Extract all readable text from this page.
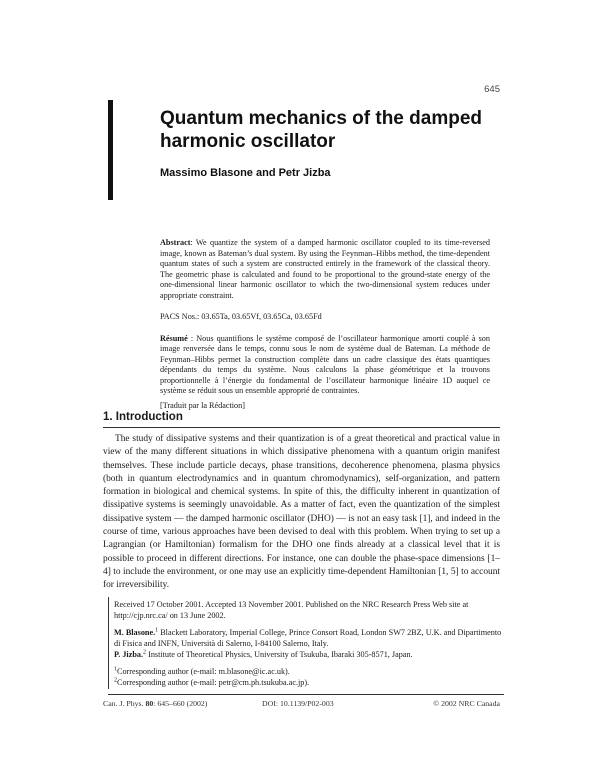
645
Quantum mechanics of the damped
harmonic oscillator
Massimo Blasone and Petr Jizba

Abstract: We quantize the system of a damped harmonic oscillator coupled to its time-reversed image, known as Bateman’s dual system. By using the Feynman–Hibbs method, the time-dependent quantum states of such a system are constructed entirely in the framework of the classical theory. The geometric phase is calculated and found to be proportional to the ground-state energy of the one-dimensional linear harmonic oscillator to which the two-dimensional system reduces under appropriate constraint.

PACS Nos.: 03.65Ta, 03.65Vf, 03.65Ca, 03.65Fd

Résumé : Nous quantifions le système composé de l’oscillateur harmonique amorti couplé à son image renversée dans le temps, connu sous le nom de système dual de Bateman. La méthode de Feynman–Hibbs permet la construction complète dans un cadre classique des états quantiques dépendants du temps du système. Nous calculons la phase géométrique et la trouvons proportionnelle à l’énergie du fondamental de l’oscillateur harmonique linéaire 1D auquel ce système se réduit sous un ensemble approprié de contraintes.

[Traduit par la Rédaction]

1. Introduction

The study of dissipative systems and their quantization is of a great theoretical and practical value in view of the many different situations in which dissipative phenomena with a quantum origin manifest themselves. These include particle decays, phase transitions, decoherence phenomena, plasma physics (both in quantum electrodynamics and in quantum chromodynamics), self-organization, and pattern formation in biological and chemical systems. In spite of this, the difficulty inherent in quantization of dissipative systems is seemingly unavoidable. As a matter of fact, even the quantization of the simplest dissipative system — the damped harmonic oscillator (DHO) — is not an easy task [1], and indeed in the course of time, various approaches have been devised to deal with this problem. When trying to set up a Lagrangian (or Hamiltonian) formalism for the DHO one finds already at a classical level that it is possible to proceed in different directions. For instance, one can double the phase-space dimensions [1–4] to include the environment, or one may use an explicitly time-dependent Hamiltonian [1, 5] to account for irreversibility.

Received 17 October 2001. Accepted 13 November 2001. Published on the NRC Research Press Web site at http://cjp.nrc.ca/ on 13 June 2002.

M. Blasone.$^1$ Blackett Laboratory, Imperial College, Prince Consort Road, London SW7 2BZ, U.K. and Dipartimento di Fisica and INFN, Università di Salerno, I-84100 Salerno, Italy.

P. Jizba.$^2$ Institute of Theoretical Physics, University of Tsukuba, Ibaraki 305-8571, Japan.

$^1$Corresponding author (e-mail: m.blasone@ic.ac.uk).

$^2$Corresponding author (e-mail: petr@cm.ph.tsukuba.ac.jp).

Can. J. Phys. 80: 645–660 (2002)	DOI: 10.1139/P02-003	© 2002 NRC Canada
